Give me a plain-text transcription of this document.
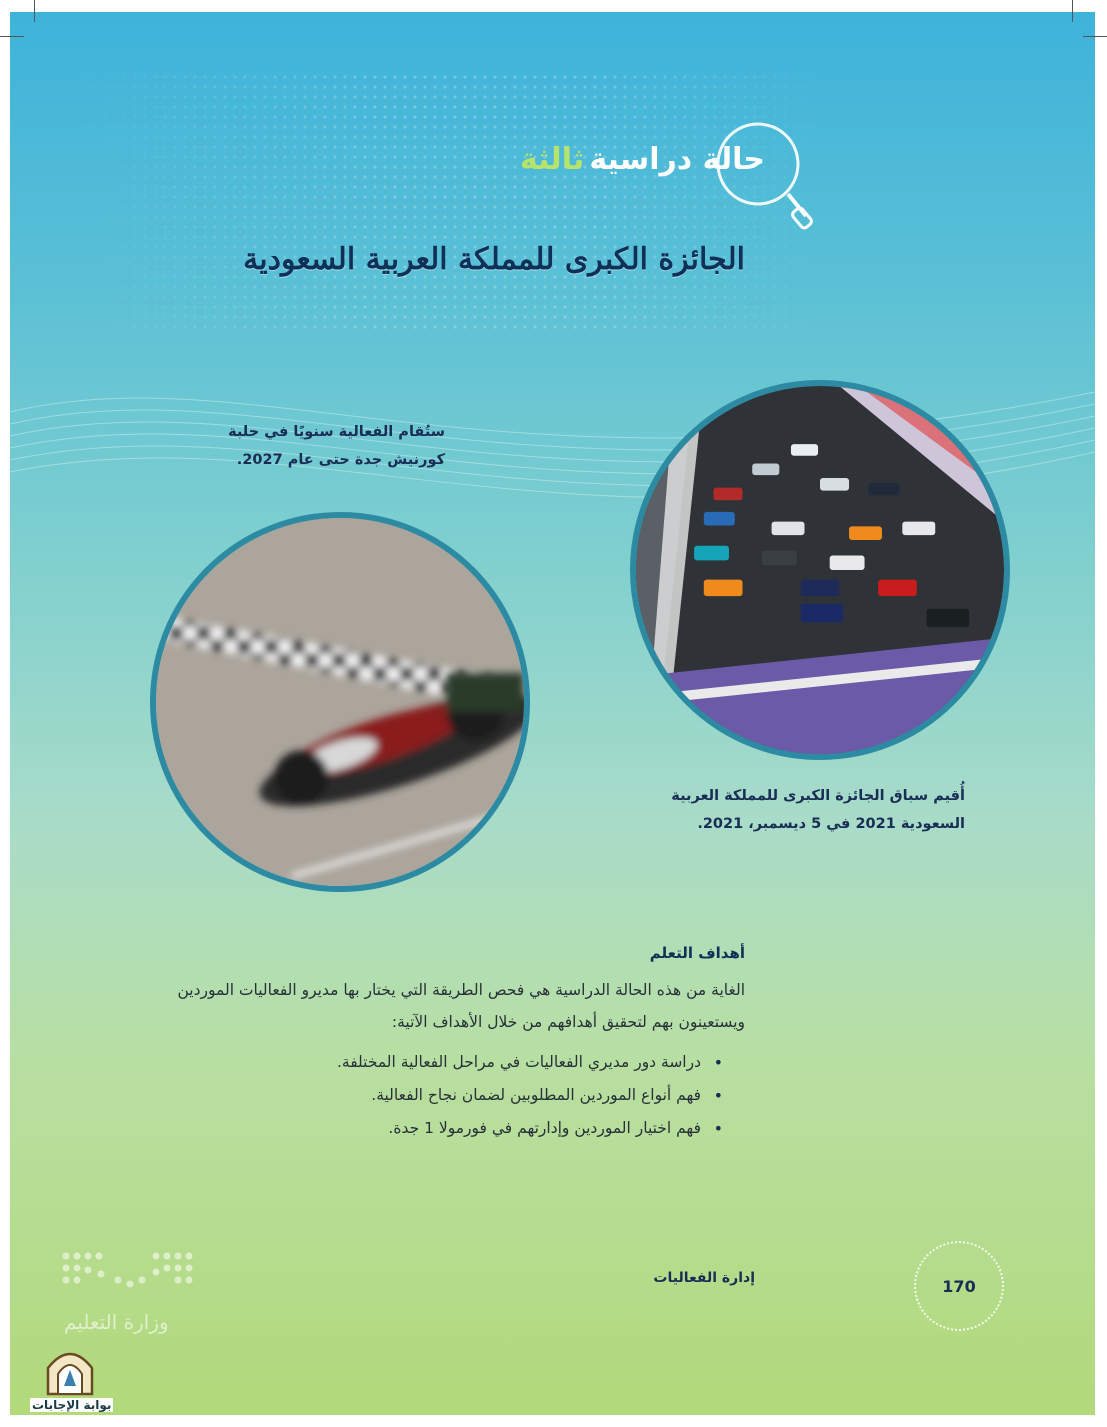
حالة دراسية ثالثة
الجائزة الكبرى للمملكة العربية السعودية
ستُقام الفعالية سنويًا في حلبة
كورنيش جدة حتى عام 2027.
أُقيم سباق الجائزة الكبرى للمملكة العربية
السعودية 2021 في 5 ديسمبر، 2021.
أهداف التعلم
الغاية من هذه الحالة الدراسية هي فحص الطريقة التي يختار بها مديرو الفعاليات الموردين ويستعينون بهم لتحقيق أهدافهم من خلال الأهداف الآتية:
• دراسة دور مديري الفعاليات في مراحل الفعالية المختلفة.
• فهم أنواع الموردين المطلوبين لضمان نجاح الفعالية.
• فهم اختيار الموردين وإدارتهم في فورمولا 1 جدة.
170
إدارة الفعاليات
وزارة التعليم
بوابة الإجابات
